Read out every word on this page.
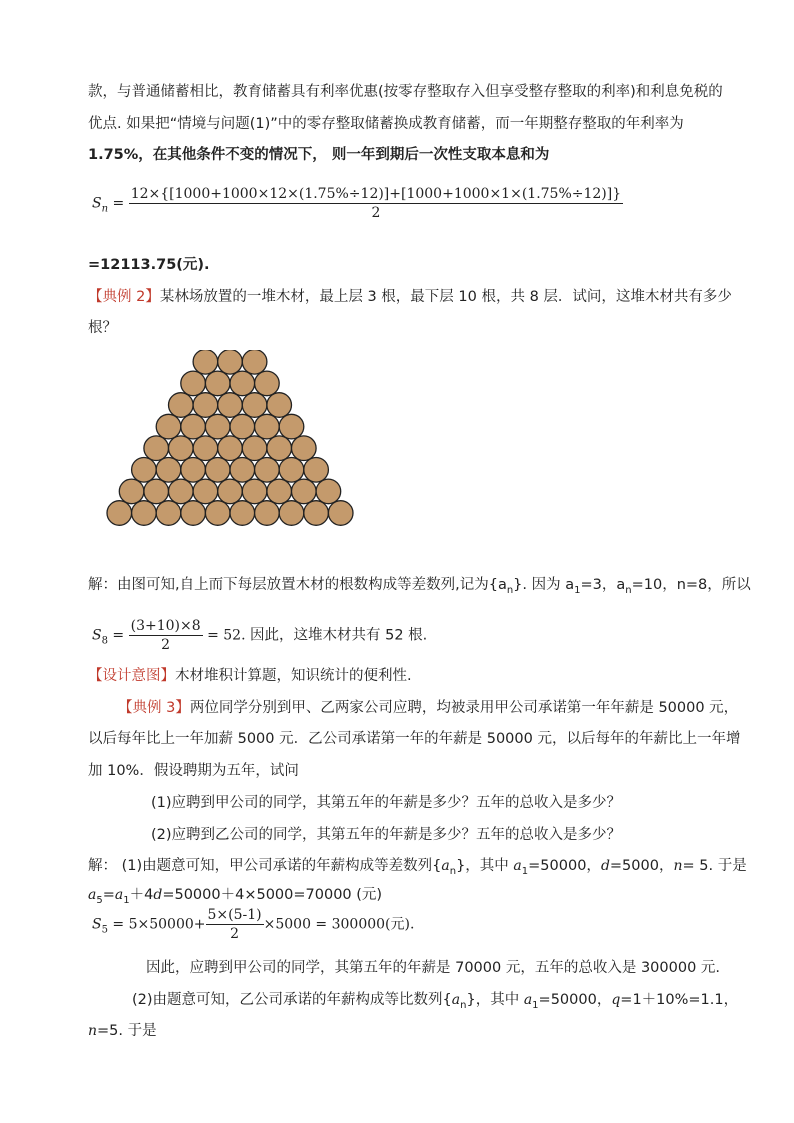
款，与普通储蓄相比，教育储蓄具有利率优惠(按零存整取存入但享受整存整取的利率)和利息免税的
优点. 如果把“情境与问题(1)”中的零存整取储蓄换成教育储蓄，而一年期整存整取的年利率为
1.75%，在其他条件不变的情况下， 则一年到期后一次性支取本息和为
$S_n = \frac{12\times\{[1000+1000\times 12\times(1.75\%\div 12)]+[1000+1000\times 1\times(1.75\%\div 12)]\}}{2}$
=12113.75(元).
【典例 2】某林场放置的一堆木材，最上层 3 根，最下层 10 根，共 8 层．试问，这堆木材共有多少
根？
解：由图可知,自上而下每层放置木材的根数构成等差数列,记为$\{a_n\}$. 因为 $a_1=3$，$a_n=10$，n=8，所以
$S_8 = \frac{(3+10)\times 8}{2} = 52$. 因此，这堆木材共有 52 根.
【设计意图】木材堆积计算题，知识统计的便利性.
【典例 3】两位同学分别到甲、乙两家公司应聘，均被录用甲公司承诺第一年年薪是 50000 元，
以后每年比上一年加薪 5000 元．乙公司承诺第一年的年薪是 50000 元，以后每年的年薪比上一年增
加 10%．假设聘期为五年，试问
(1)应聘到甲公司的同学，其第五年的年薪是多少？五年的总收入是多少？
(2)应聘到乙公司的同学，其第五年的年薪是多少？五年的总收入是多少？
解： (1)由题意可知，甲公司承诺的年薪构成等差数列$\{a_n\}$，其中 $a_1=50000$，d=5000，n= 5. 于是
$a_5=a_1+4d=50000+4\times 5000=70000$ (元)
$S_5 = 5\times 50000+ \frac{5\times(5-1)}{2} \times 5000 = 300000$(元).
因此，应聘到甲公司的同学，其第五年的年薪是 70000 元，五年的总收入是 300000 元.
(2)由题意可知，乙公司承诺的年薪构成等比数列$\{a_n\}$，其中 $a_1=50000$，q=1＋10%=1.1，
n=5. 于是
